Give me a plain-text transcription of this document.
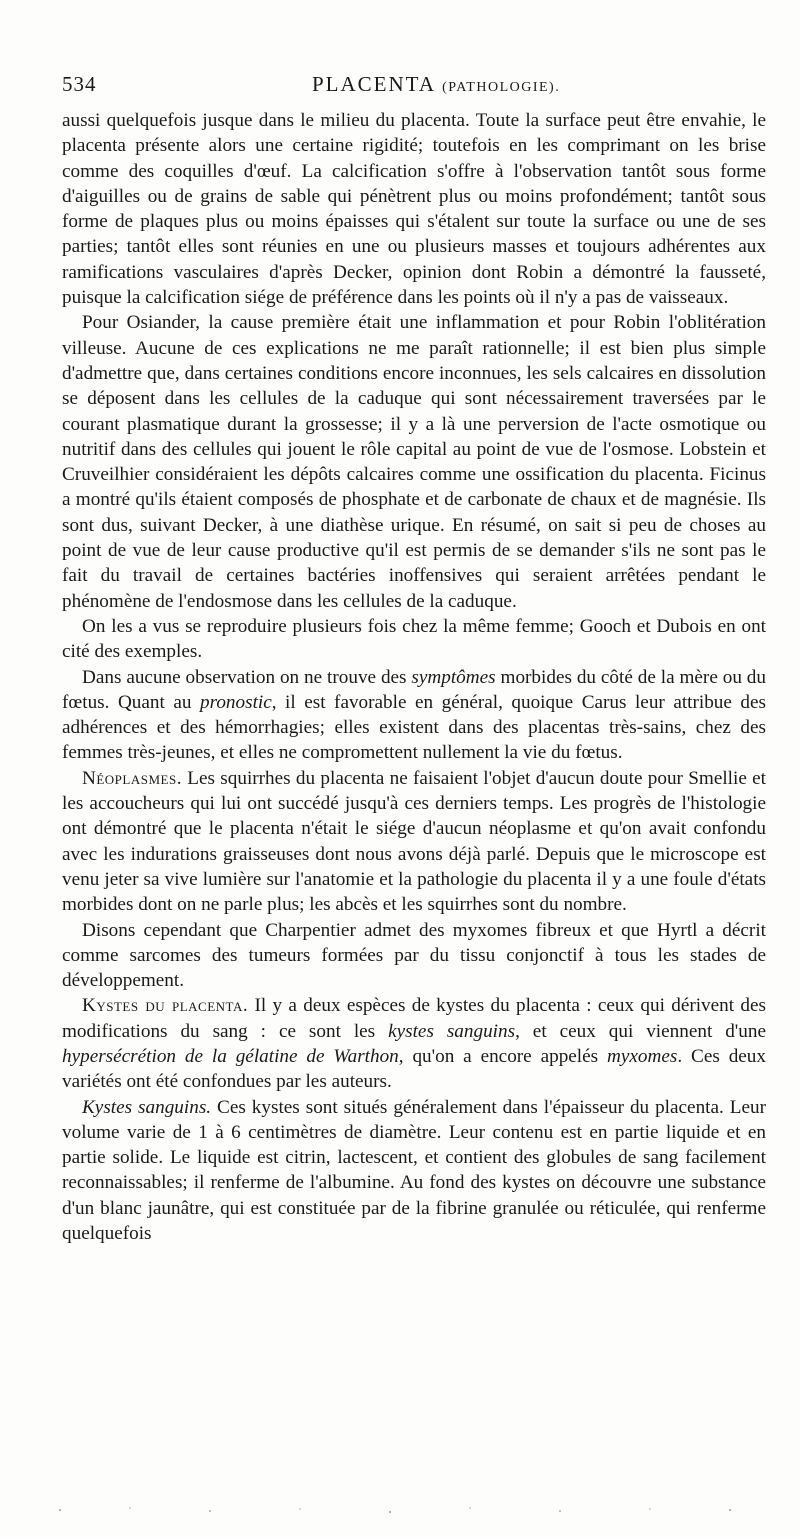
534	PLACENTA (PATHOLOGIE).

aussi quelquefois jusque dans le milieu du placenta. Toute la surface peut être envahie, le placenta présente alors une certaine rigidité; toutefois en les comprimant on les brise comme des coquilles d'œuf. La calcification s'offre à l'observation tantôt sous forme d'aiguilles ou de grains de sable qui pénètrent plus ou moins profondément; tantôt sous forme de plaques plus ou moins épaisses qui s'étalent sur toute la surface ou une de ses parties; tantôt elles sont réunies en une ou plusieurs masses et toujours adhérentes aux ramifications vasculaires d'après Decker, opinion dont Robin a démontré la fausseté, puisque la calcification siége de préférence dans les points où il n'y a pas de vaisseaux.

Pour Osiander, la cause première était une inflammation et pour Robin l'oblitération villeuse. Aucune de ces explications ne me paraît rationnelle; il est bien plus simple d'admettre que, dans certaines conditions encore inconnues, les sels calcaires en dissolution se déposent dans les cellules de la caduque qui sont nécessairement traversées par le courant plasmatique durant la grossesse; il y a là une perversion de l'acte osmotique ou nutritif dans des cellules qui jouent le rôle capital au point de vue de l'osmose. Lobstein et Cruveilhier considéraient les dépôts calcaires comme une ossification du placenta. Ficinus a montré qu'ils étaient composés de phosphate et de carbonate de chaux et de magnésie. Ils sont dus, suivant Decker, à une diathèse urique. En résumé, on sait si peu de choses au point de vue de leur cause productive qu'il est permis de se demander s'ils ne sont pas le fait du travail de certaines bactéries inoffensives qui seraient arrêtées pendant le phénomène de l'endosmose dans les cellules de la caduque.

On les a vus se reproduire plusieurs fois chez la même femme; Gooch et Dubois en ont cité des exemples.

Dans aucune observation on ne trouve des symptômes morbides du côté de la mère ou du fœtus. Quant au pronostic, il est favorable en général, quoique Carus leur attribue des adhérences et des hémorrhagies; elles existent dans des placentas très-sains, chez des femmes très-jeunes, et elles ne compromettent nullement la vie du fœtus.

Néoplasmes. Les squirrhes du placenta ne faisaient l'objet d'aucun doute pour Smellie et les accoucheurs qui lui ont succédé jusqu'à ces derniers temps. Les progrès de l'histologie ont démontré que le placenta n'était le siége d'aucun néoplasme et qu'on avait confondu avec les indurations graisseuses dont nous avons déjà parlé. Depuis que le microscope est venu jeter sa vive lumière sur l'anatomie et la pathologie du placenta il y a une foule d'états morbides dont on ne parle plus; les abcès et les squirrhes sont du nombre.

Disons cependant que Charpentier admet des myxomes fibreux et que Hyrtl a décrit comme sarcomes des tumeurs formées par du tissu conjonctif à tous les stades de développement.

Kystes du placenta. Il y a deux espèces de kystes du placenta : ceux qui dérivent des modifications du sang : ce sont les kystes sanguins, et ceux qui viennent d'une hypersécrétion de la gélatine de Warthon, qu'on a encore appelés myxomes. Ces deux variétés ont été confondues par les auteurs.

Kystes sanguins. Ces kystes sont situés généralement dans l'épaisseur du placenta. Leur volume varie de 1 à 6 centimètres de diamètre. Leur contenu est en partie liquide et en partie solide. Le liquide est citrin, lactescent, et contient des globules de sang facilement reconnaissables; il renferme de l'albumine. Au fond des kystes on découvre une substance d'un blanc jaunâtre, qui est constituée par de la fibrine granulée ou réticulée, qui renferme quelquefois
